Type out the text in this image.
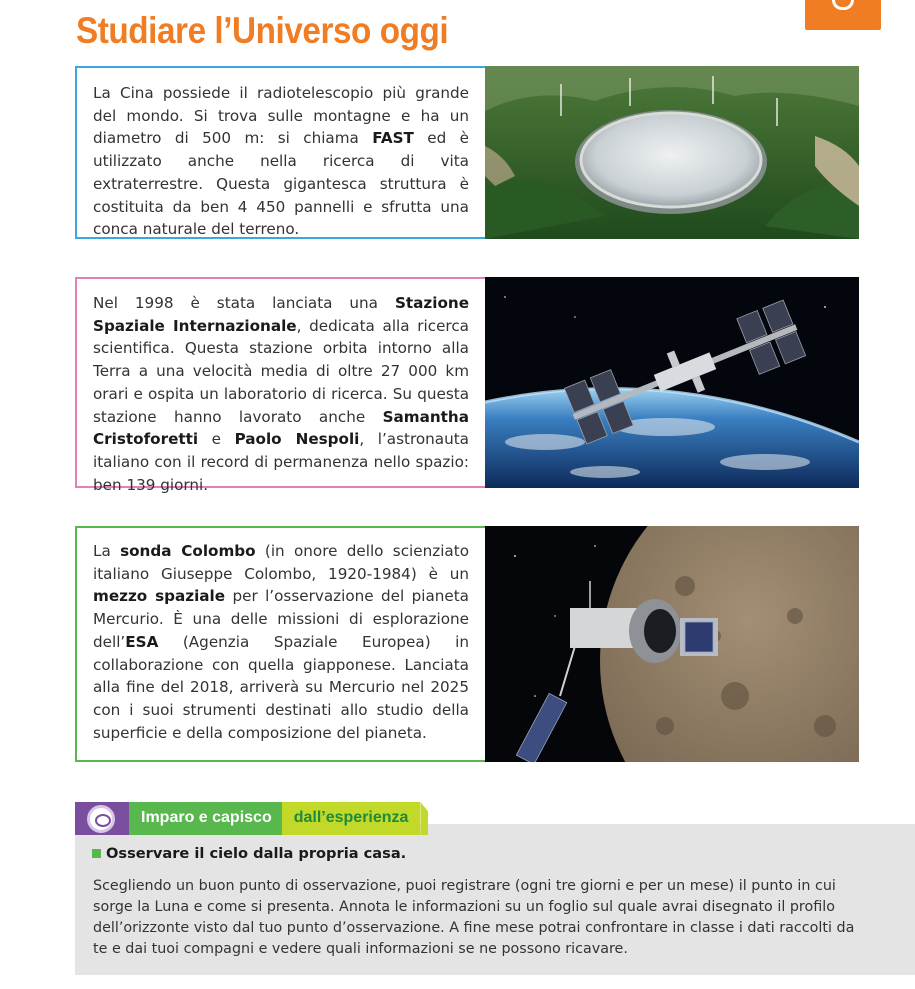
Studiare l’Universo oggi

La Cina possiede il radiotelescopio più grande del mondo. Si trova sulle montagne e ha un diametro di 500 m: si chiama FAST ed è utilizzato anche nella ricerca di vita extraterrestre. Questa gigantesca struttura è costituita da ben 4 450 pannelli e sfrutta una conca naturale del terreno.

Nel 1998 è stata lanciata una Stazione Spaziale Internazionale, dedicata alla ricerca scientifica. Questa stazione orbita intorno alla Terra a una velocità media di oltre 27 000 km orari e ospita un laboratorio di ricerca. Su questa stazione hanno lavorato anche Samantha Cristoforetti e Paolo Nespoli, l’astronauta italiano con il record di permanenza nello spazio: ben 139 giorni.

La sonda Colombo (in onore dello scienziato italiano Giuseppe Colombo, 1920-1984) è un mezzo spaziale per l’osservazione del pianeta Mercurio. È una delle missioni di esplorazione dell’ESA (Agenzia Spaziale Europea) in collaborazione con quella giapponese. Lanciata alla fine del 2018, arriverà su Mercurio nel 2025 con i suoi strumenti destinati allo studio della superficie e della composizione del pianeta.

Imparo e capisco	dall’esperienza
Osservare il cielo dalla propria casa.

Scegliendo un buon punto di osservazione, puoi registrare (ogni tre giorni e per un mese) il punto in cui sorge la Luna e come si presenta. Annota le informazioni su un foglio sul quale avrai disegnato il profilo dell’orizzonte visto dal tuo punto d’osservazione. A fine mese potrai confrontare in classe i dati raccolti da te e dai tuoi compagni e vedere quali informazioni se ne possono ricavare.
